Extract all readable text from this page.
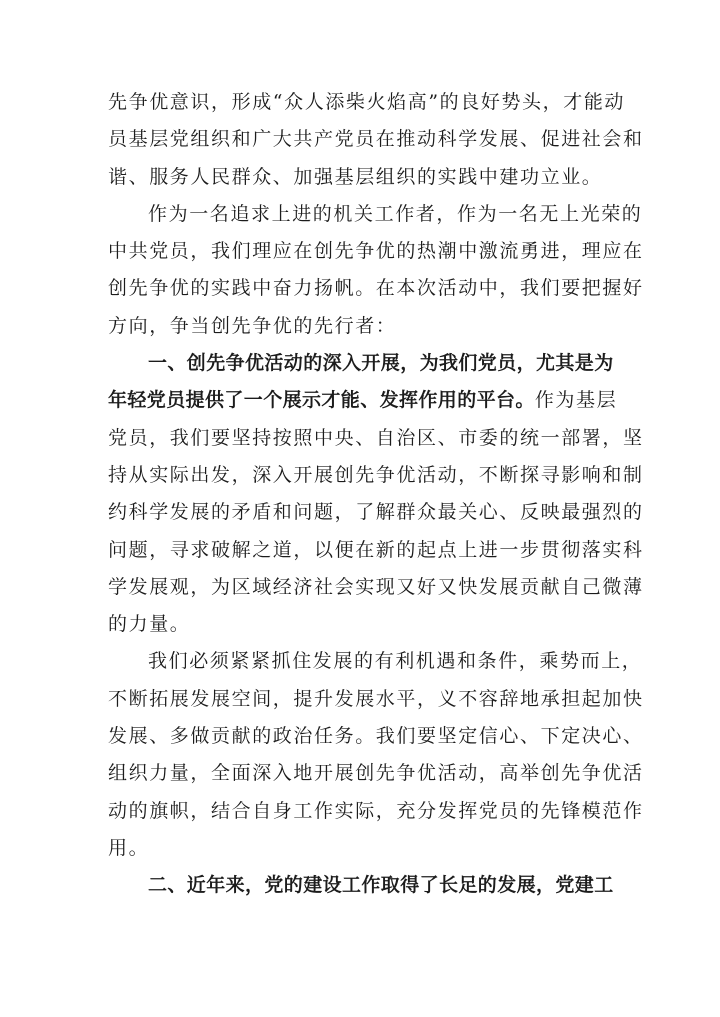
先争优意识，形成“众人添柴火焰高”的良好势头，才能动
员基层党组织和广大共产党员在推动科学发展、促进社会和
谐、服务人民群众、加强基层组织的实践中建功立业。
作为一名追求上进的机关工作者，作为一名无上光荣的
中共党员，我们理应在创先争优的热潮中激流勇进，理应在
创先争优的实践中奋力扬帆。在本次活动中，我们要把握好
方向，争当创先争优的先行者：
一、创先争优活动的深入开展，为我们党员，尤其是为
年轻党员提供了一个展示才能、发挥作用的平台。作为基层
党员，我们要坚持按照中央、自治区、市委的统一部署，坚
持从实际出发，深入开展创先争优活动，不断探寻影响和制
约科学发展的矛盾和问题，了解群众最关心、反映最强烈的
问题，寻求破解之道，以便在新的起点上进一步贯彻落实科
学发展观，为区域经济社会实现又好又快发展贡献自己微薄
的力量。
我们必须紧紧抓住发展的有利机遇和条件，乘势而上，
不断拓展发展空间，提升发展水平，义不容辞地承担起加快
发展、多做贡献的政治任务。我们要坚定信心、下定决心、
组织力量，全面深入地开展创先争优活动，高举创先争优活
动的旗帜，结合自身工作实际，充分发挥党员的先锋模范作
用。
二、近年来，党的建设工作取得了长足的发展，党建工
